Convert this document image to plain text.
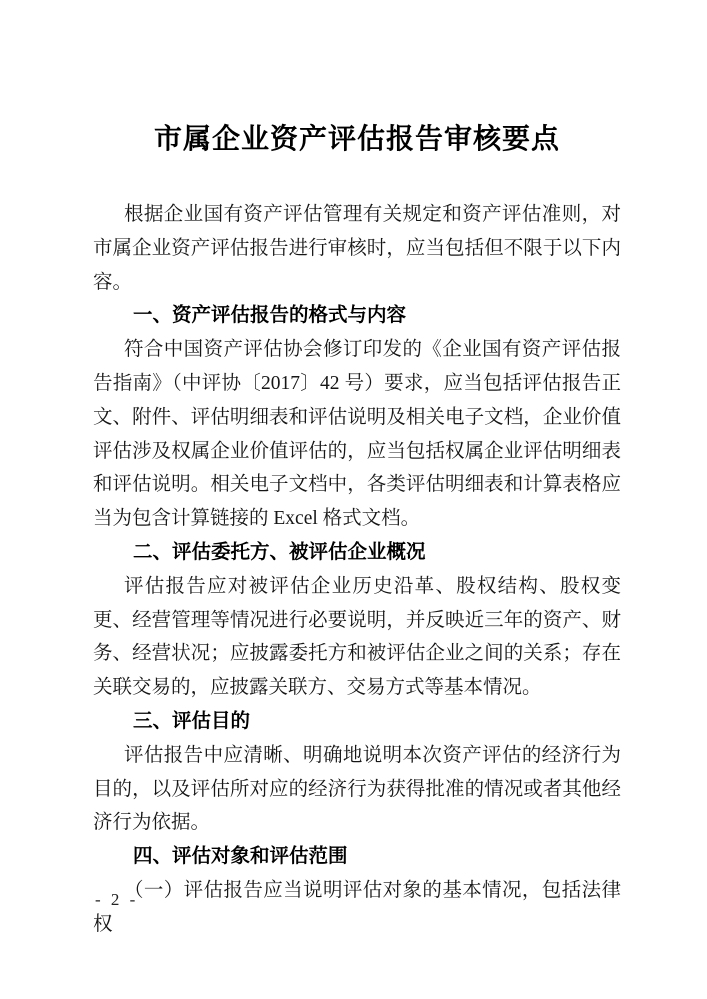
市属企业资产评估报告审核要点

根据企业国有资产评估管理有关规定和资产评估准则，对市属企业资产评估报告进行审核时，应当包括但不限于以下内容。

一、资产评估报告的格式与内容

符合中国资产评估协会修订印发的《企业国有资产评估报告指南》（中评协〔2017〕42 号）要求，应当包括评估报告正文、附件、评估明细表和评估说明及相关电子文档，企业价值评估涉及权属企业价值评估的，应当包括权属企业评估明细表和评估说明。相关电子文档中，各类评估明细表和计算表格应当为包含计算链接的 Excel 格式文档。

二、评估委托方、被评估企业概况

评估报告应对被评估企业历史沿革、股权结构、股权变更、经营管理等情况进行必要说明，并反映近三年的资产、财务、经营状况；应披露委托方和被评估企业之间的关系；存在关联交易的，应披露关联方、交易方式等基本情况。

三、评估目的

评估报告中应清晰、明确地说明本次资产评估的经济行为目的，以及评估所对应的经济行为获得批准的情况或者其他经济行为依据。

四、评估对象和评估范围

（一）评估报告应当说明评估对象的基本情况，包括法律权

- 2 -
